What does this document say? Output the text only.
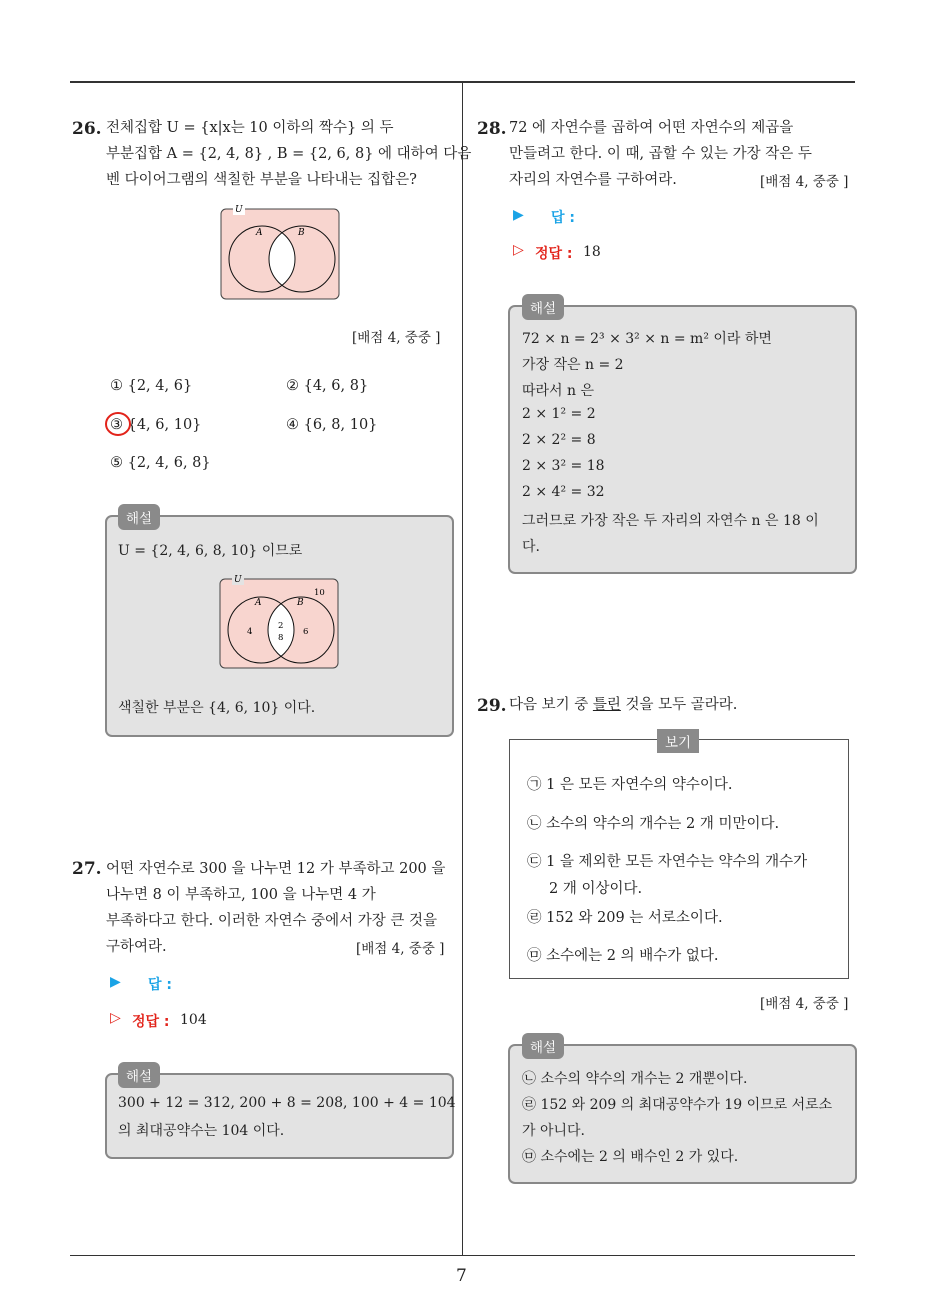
7
26. 전체집합 U = {x|x는 10 이하의 짝수} 의 두
부분집합 A = {2, 4, 8} , B = {2, 6, 8} 에 대하여 다음
벤 다이어그램의 색칠한 부분을 나타내는 집합은?
U
A	B
[배점 4, 중중 ]
① {2, 4, 6}	② {4, 6, 8}
③ {4, 6, 10}	④ {6, 8, 10}
⑤ {2, 4, 6, 8}
해설
U = {2, 4, 6, 8, 10} 이므로
U
A	B
10
4
2
8
6
색칠한 부분은 {4, 6, 10} 이다.
27. 어떤 자연수로 300 을 나누면 12 가 부족하고 200 을
나누면 8 이 부족하고, 100 을 나누면 4 가
부족하다고 한다. 이러한 자연수 중에서 가장 큰 것을
구하여라.	[배점 4, 중중 ]
▶ 답 :
▷ 정답 : 104
해설
300 + 12 = 312, 200 + 8 = 208, 100 + 4 = 104
의 최대공약수는 104 이다.
28. 72 에 자연수를 곱하여 어떤 자연수의 제곱을
만들려고 한다. 이 때, 곱할 수 있는 가장 작은 두
자리의 자연수를 구하여라.	[배점 4, 중중 ]
▶ 답 :
▷ 정답 : 18
해설
72 × n = 2³ × 3² × n = m² 이라 하면
가장 작은 n = 2
따라서 n 은
2 × 1² = 2
2 × 2² = 8
2 × 3² = 18
2 × 4² = 32
그러므로 가장 작은 두 자리의 자연수 n 은 18 이
다.
29. 다음 보기 중 틀린 것을 모두 골라라.
보기
㉠ 1 은 모든 자연수의 약수이다.
㉡ 소수의 약수의 개수는 2 개 미만이다.
㉢ 1 을 제외한 모든 자연수는 약수의 개수가
2 개 이상이다.
㉣ 152 와 209 는 서로소이다.
㉤ 소수에는 2 의 배수가 없다.
[배점 4, 중중 ]
해설
㉡ 소수의 약수의 개수는 2 개뿐이다.
㉣ 152 와 209 의 최대공약수가 19 이므로 서로소
가 아니다.
㉤ 소수에는 2 의 배수인 2 가 있다.
